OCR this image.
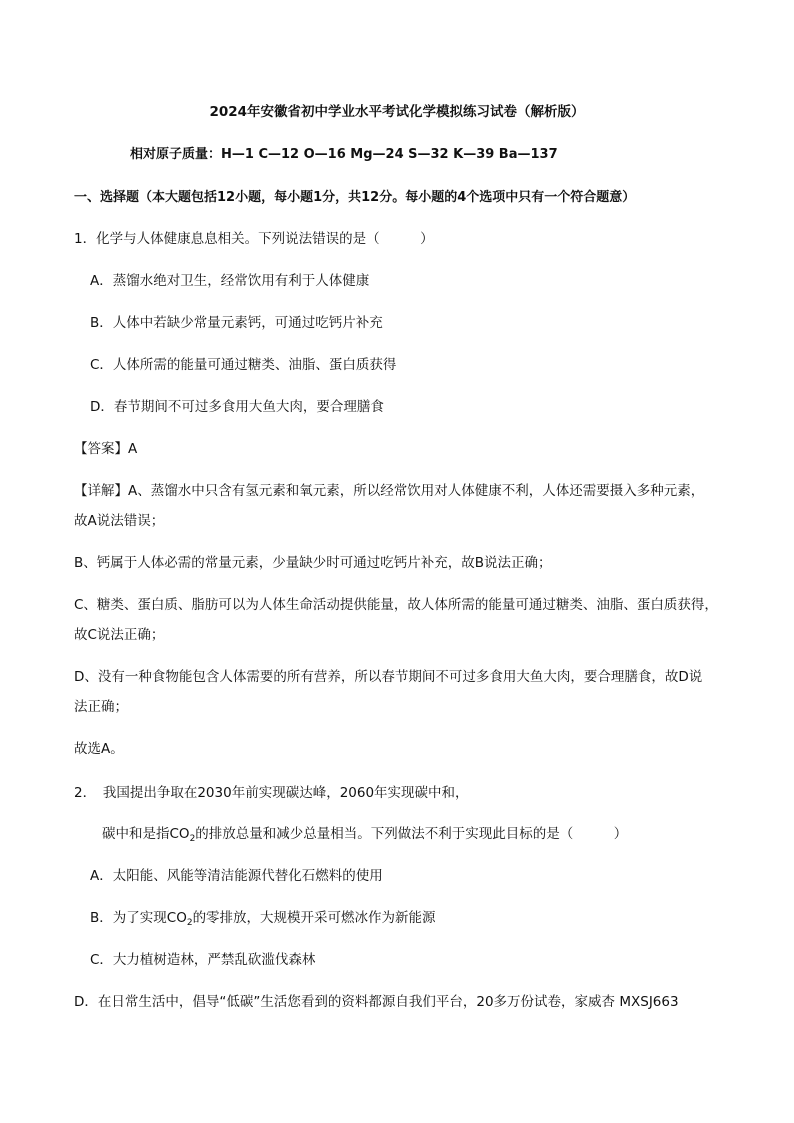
2024年安徽省初中学业水平考试化学模拟练习试卷（解析版）
相对原子质量：H—1 C—12 O—16 Mg—24 S—32 K—39 Ba—137
一、选择题（本大题包括12小题，每小题1分，共12分。每小题的4个选项中只有一个符合题意）
1．化学与人体健康息息相关。下列说法错误的是（　　　）
A．蒸馏水绝对卫生，经常饮用有利于人体健康
B．人体中若缺少常量元素钙，可通过吃钙片补充
C．人体所需的能量可通过糖类、油脂、蛋白质获得
D．春节期间不可过多食用大鱼大肉，要合理膳食
【答案】A
【详解】A、蒸馏水中只含有氢元素和氧元素，所以经常饮用对人体健康不利，人体还需要摄入多种元素，
故A说法错误；
B、钙属于人体必需的常量元素，少量缺少时可通过吃钙片补充，故B说法正确；
C、糖类、蛋白质、脂肪可以为人体生命活动提供能量，故人体所需的能量可通过糖类、油脂、蛋白质获得，
故C说法正确；
D、没有一种食物能包含人体需要的所有营养，所以春节期间不可过多食用大鱼大肉，要合理膳食，故D说
法正确；
故选A。
2．　我国提出争取在2030年前实现碳达峰，2060年实现碳中和，
碳中和是指$CO_2$的排放总量和减少总量相当。下列做法不利于实现此目标的是（　　　）
A．太阳能、风能等清洁能源代替化石燃料的使用
B．为了实现$CO_2$的零排放，大规模开采可燃冰作为新能源
C．大力植树造林，严禁乱砍滥伐森林
D．在日常生活中，倡导“低碳”生活您看到的资料都源自我们平台，20多万份试卷，家威杏 MXSJ663
